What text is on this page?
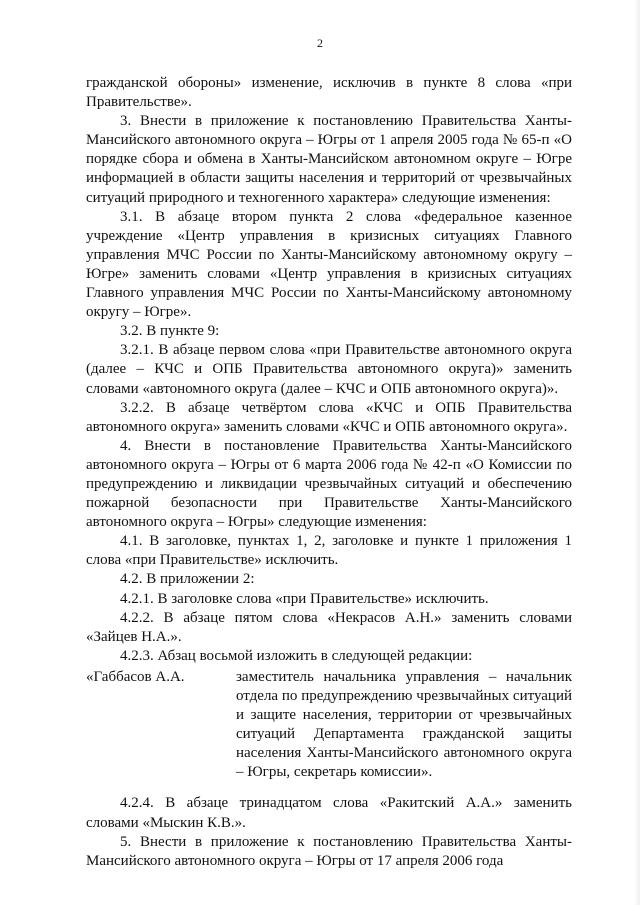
2

гражданской обороны» изменение, исключив в пункте 8 слова «при Правительстве».

3. Внести в приложение к постановлению Правительства Ханты-Мансийского автономного округа – Югры от 1 апреля 2005 года № 65-п «О порядке сбора и обмена в Ханты-Мансийском автономном округе – Югре информацией в области защиты населения и территорий от чрезвычайных ситуаций природного и техногенного характера» следующие изменения:

3.1. В абзаце втором пункта 2 слова «федеральное казенное учреждение «Центр управления в кризисных ситуациях Главного управления МЧС России по Ханты-Мансийскому автономному округу – Югре» заменить словами «Центр управления в кризисных ситуациях Главного управления МЧС России по Ханты-Мансийскому автономному округу – Югре».

3.2. В пункте 9:

3.2.1. В абзаце первом слова «при Правительстве автономного округа (далее – КЧС и ОПБ Правительства автономного округа)» заменить словами «автономного округа (далее – КЧС и ОПБ автономного округа)».

3.2.2. В абзаце четвёртом слова «КЧС и ОПБ Правительства автономного округа» заменить словами «КЧС и ОПБ автономного округа».

4. Внести в постановление Правительства Ханты-Мансийского автономного округа – Югры от 6 марта 2006 года № 42-п «О Комиссии по предупреждению и ликвидации чрезвычайных ситуаций и обеспечению пожарной безопасности при Правительстве Ханты-Мансийского автономного округа – Югры» следующие изменения:

4.1. В заголовке, пунктах 1, 2, заголовке и пункте 1 приложения 1 слова «при Правительстве» исключить.

4.2. В приложении 2:

4.2.1. В заголовке слова «при Правительстве» исключить.

4.2.2. В абзаце пятом слова «Некрасов А.Н.» заменить словами «Зайцев Н.А.».

4.2.3. Абзац восьмой изложить в следующей редакции:

«Габбасов А.А.	заместитель начальника управления – начальник отдела по предупреждению чрезвычайных ситуаций и защите населения, территории от чрезвычайных ситуаций Департамента гражданской защиты населения Ханты-Мансийского автономного округа – Югры, секретарь комиссии».

4.2.4. В абзаце тринадцатом слова «Ракитский А.А.» заменить словами «Мыскин К.В.».

5. Внести в приложение к постановлению Правительства Ханты-Мансийского автономного округа – Югры от 17 апреля 2006 года
